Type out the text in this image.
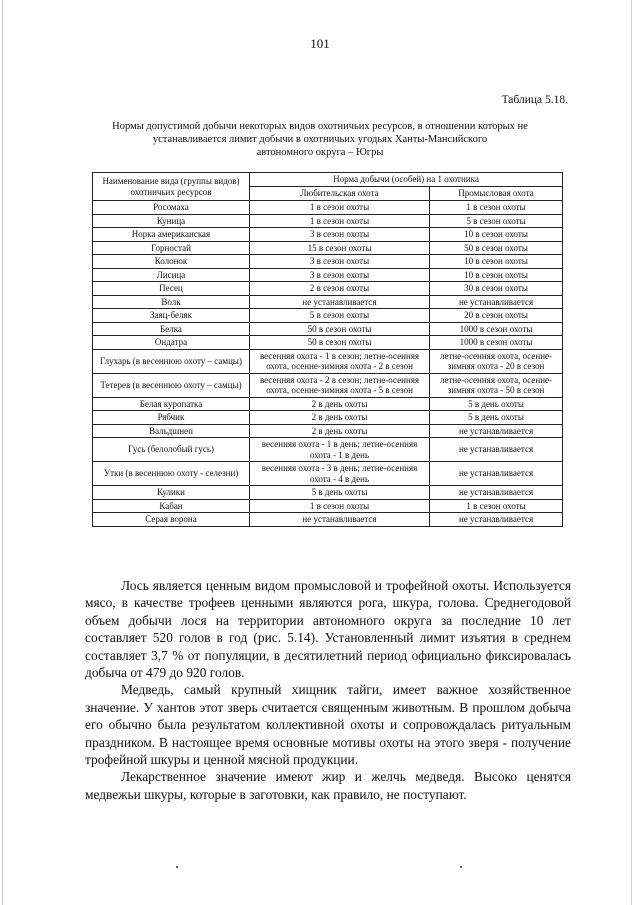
101
Таблица 5.18.
Нормы допустимой добычи некоторых видов охотничьих ресурсов, в отношении которых не
устанавливается лимит добычи в охотничьих угодьях Ханты-Мансийского
автономного округа – Югры
Наименование вида (группы видов) охотничьих ресурсов	Норма добычи (особей) на 1 охотника	
	Любительская охота	Промысловая охота
Росомаха	1 в сезон охоты	1 в сезон охоты
Куница	1 в сезон охоты	5 в сезон охоты
Норка американская	3 в сезон охоты	10 в сезон охоты
Горностай	15 в сезон охоты	50 в сезон охоты
Колонок	3 в сезон охоты	10 в сезон охоты
Лисица	3 в сезон охоты	10 в сезон охоты
Песец	2 в сезон охоты	30 в сезон охоты
Волк	не устанавливается	не устанавливается
Заяц-беляк	5 в сезон охоты	20 в сезон охоты
Белка	50 в сезон охоты	1000 в сезон охоты
Ондатра	50 в сезон охоты	1000 в сезон охоты
Глухарь (в весеннюю охоту – самцы)	весенняя охота - 1 в сезон; летне-осенняя охота, осенне-зимняя охота - 2 в сезон	летне-осенняя охота, осенне-зимняя охота - 20 в сезон
Тетерев (в весеннюю охоту – самцы)	весенняя охота - 2 в сезон; летне-осенняя охота, осенне-зимняя охота - 5 в сезон	летне-осенняя охота, осенне-зимняя охота - 50 в сезон
Белая куропатка	2 в день охоты	5 в день охоты
Рябчик	2 в день охоты	5 в день охоты
Вальдшнеп	2 в день охоты	не устанавливается
Гусь (белолобый гусь)	весенняя охота - 1 в день; летне-осенняя охота - 1 в день	не устанавливается
Утки (в весеннюю охоту - селезни)	весенняя охота - 3 в день; летне-осенняя охота - 4 в день	не устанавливается
Кулики	5 в день охоты	не устанавливается
Кабан	1 в сезон охоты	1 в сезон охоты
Серая ворона	не устанавливается	не устанавливается

Лось является ценным видом промысловой и трофейной охоты. Используется мясо, в качестве трофеев ценными являются рога, шкура, голова. Среднегодовой объем добычи лося на территории автономного округа за последние 10 лет составляет 520 голов в год (рис. 5.14). Установленный лимит изъятия в среднем составляет 3,7 % от популяции, в десятилетний период официально фиксировалась добыча от 479 до 920 голов.

Медведь, самый крупный хищник тайги, имеет важное хозяйственное значение. У хантов этот зверь считается священным животным. В прошлом добыча его обычно была результатом коллективной охоты и сопровождалась ритуальным праздником. В настоящее время основные мотивы охоты на этого зверя - получение трофейной шкуры и ценной мясной продукции.

Лекарственное значение имеют жир и желчь медведя. Высоко ценятся медвежьи шкуры, которые в заготовки, как правило, не поступают.
